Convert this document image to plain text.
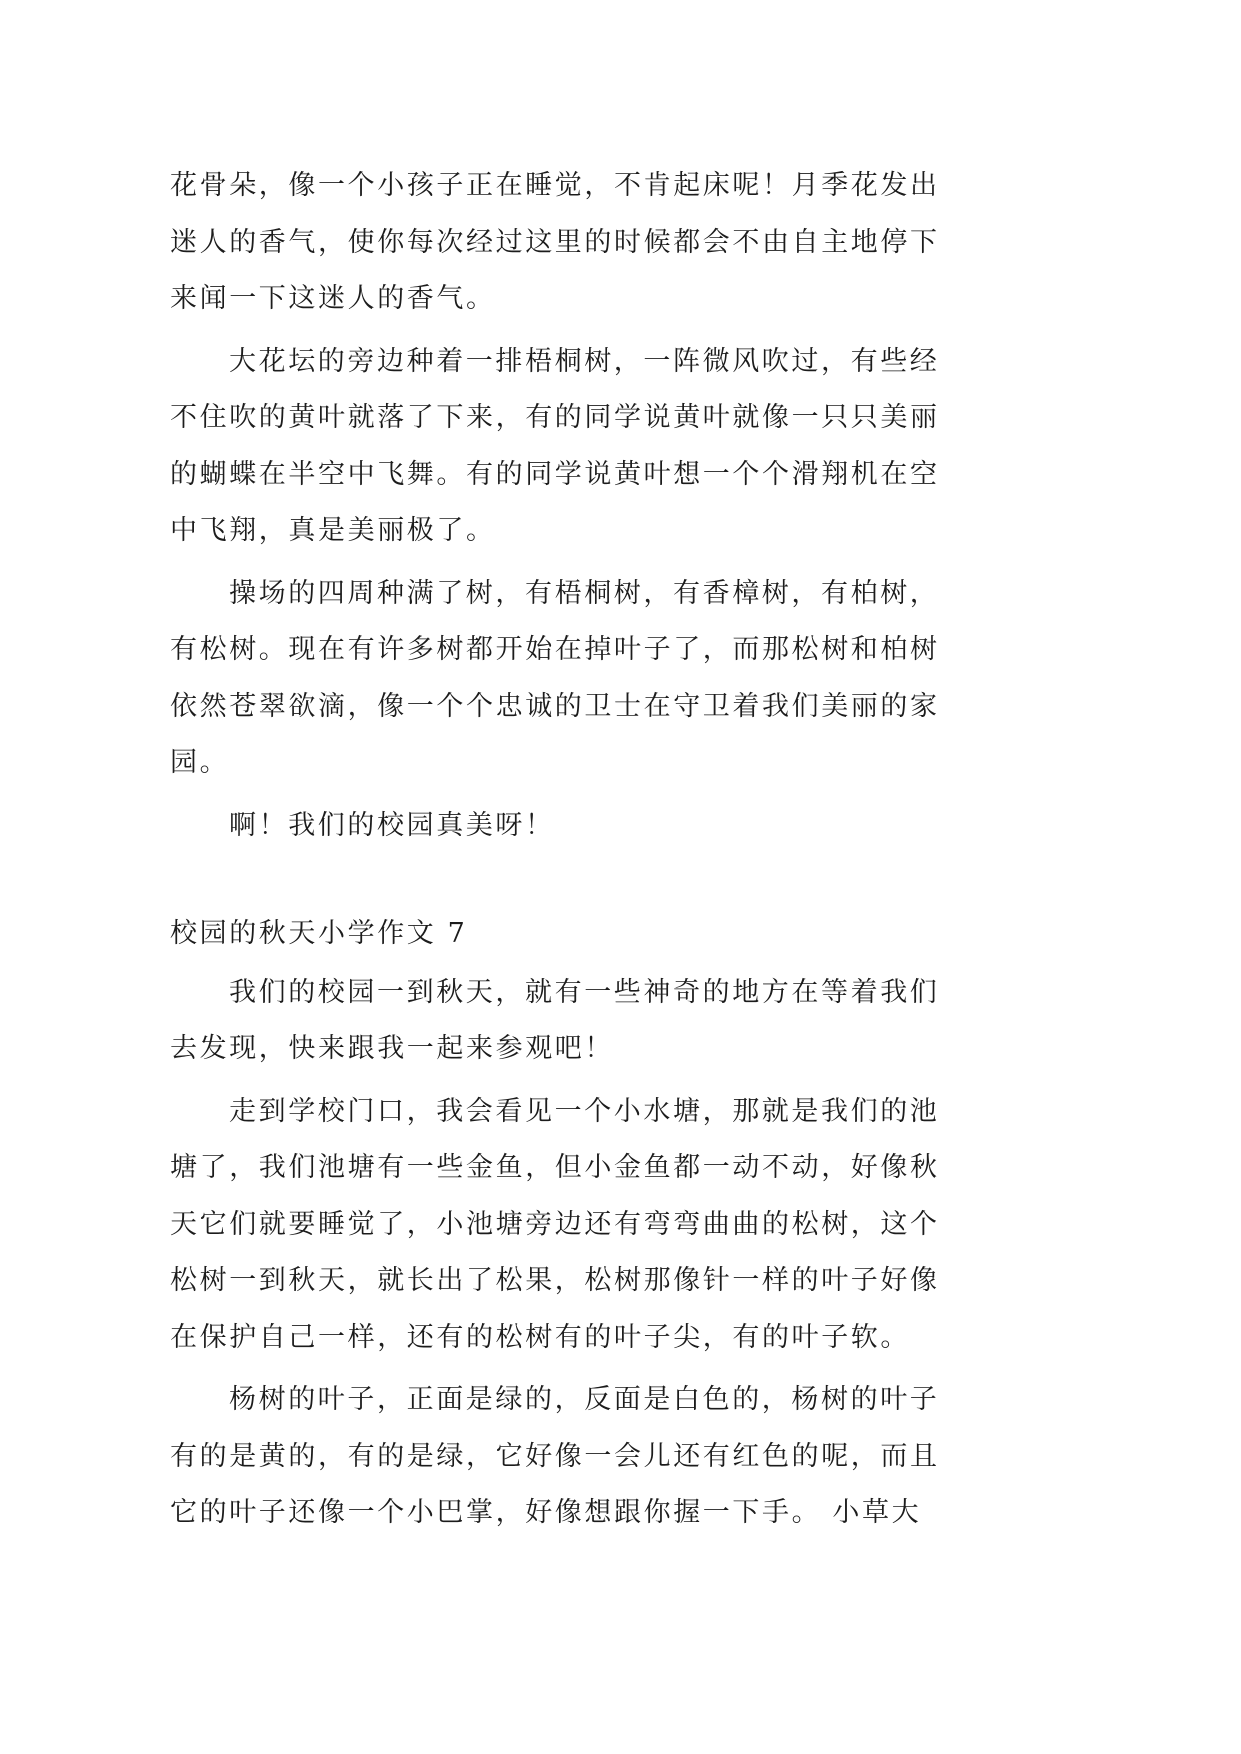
花骨朵，像一个小孩子正在睡觉，不肯起床呢！月季花发出
迷人的香气，使你每次经过这里的时候都会不由自主地停下
来闻一下这迷人的香气。
大花坛的旁边种着一排梧桐树，一阵微风吹过，有些经
不住吹的黄叶就落了下来，有的同学说黄叶就像一只只美丽
的蝴蝶在半空中飞舞。有的同学说黄叶想一个个滑翔机在空
中飞翔，真是美丽极了。
操场的四周种满了树，有梧桐树，有香樟树，有柏树，
有松树。现在有许多树都开始在掉叶子了，而那松树和柏树
依然苍翠欲滴，像一个个忠诚的卫士在守卫着我们美丽的家
园。
啊！我们的校园真美呀！
校园的秋天小学作文 7
我们的校园一到秋天，就有一些神奇的地方在等着我们
去发现，快来跟我一起来参观吧！
走到学校门口，我会看见一个小水塘，那就是我们的池
塘了，我们池塘有一些金鱼，但小金鱼都一动不动，好像秋
天它们就要睡觉了，小池塘旁边还有弯弯曲曲的松树，这个
松树一到秋天，就长出了松果，松树那像针一样的叶子好像
在保护自己一样，还有的松树有的叶子尖，有的叶子软。
杨树的叶子，正面是绿的，反面是白色的，杨树的叶子
有的是黄的，有的是绿，它好像一会儿还有红色的呢，而且
它的叶子还像一个小巴掌，好像想跟你握一下手。 小草大
